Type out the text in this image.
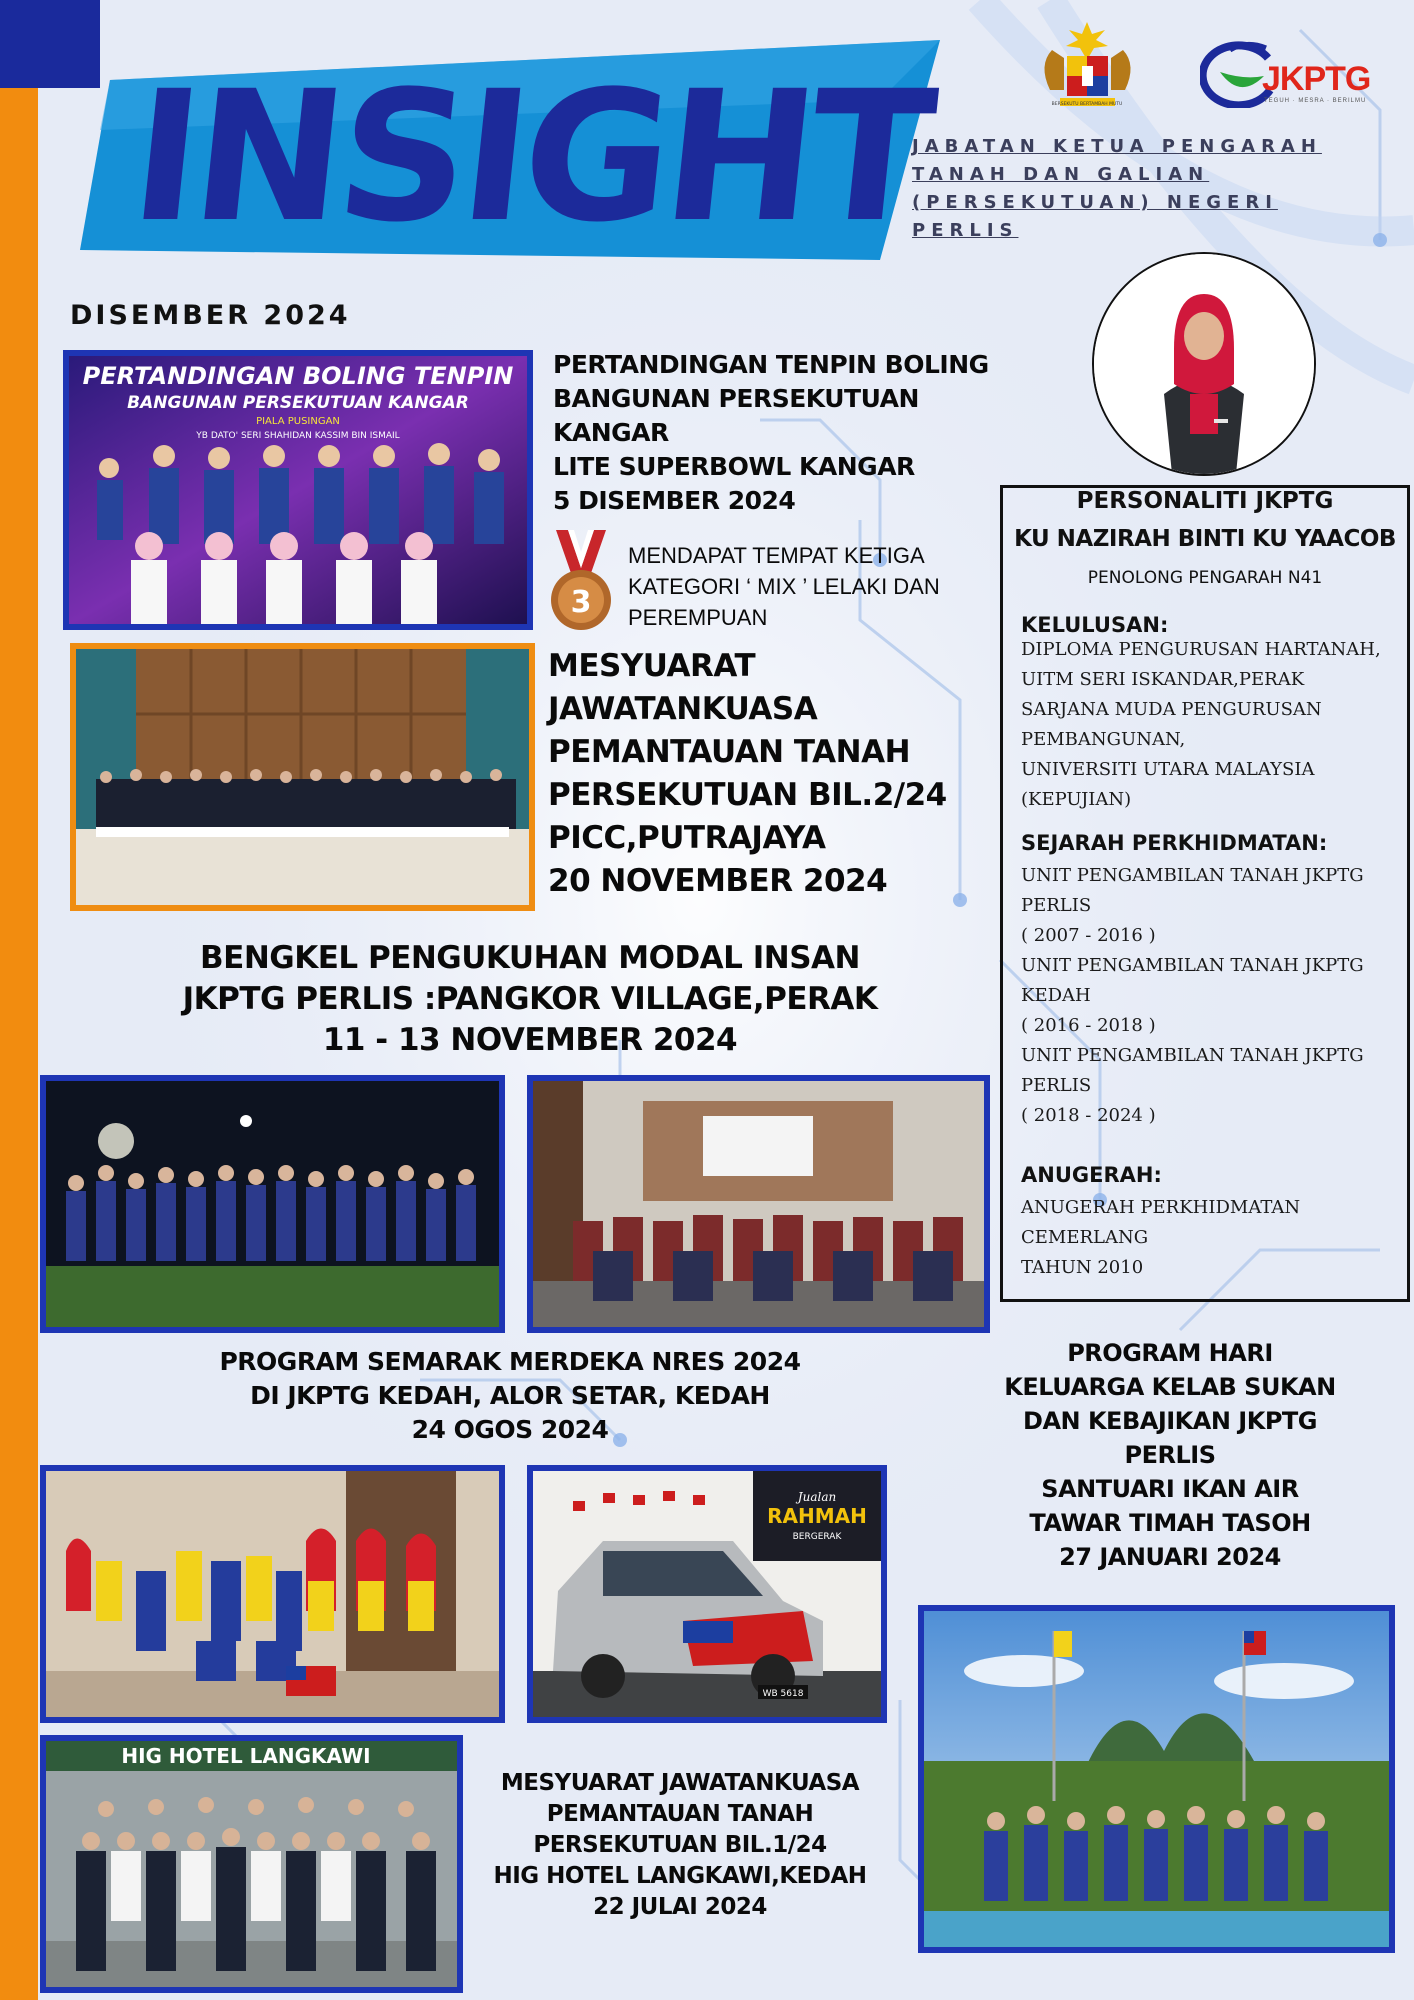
INSIGHT
JABATAN KETUA PENGARAH
TANAH DAN GALIAN
(PERSEKUTUAN) NEGERI
PERLIS
BERSEKUTU BERTAMBAH MUTU
JKPTG
TEGUH · MESRA · BERILMU
DISEMBER 2024
PERTANDINGAN BOLING TENPIN
BANGUNAN PERSEKUTUAN KANGAR
PIALA PUSINGAN
YB DATO' SERI SHAHIDAN KASSIM BIN ISMAIL
PERTANDINGAN TENPIN BOLING
BANGUNAN PERSEKUTUAN
KANGAR
LITE SUPERBOWL KANGAR
5 DISEMBER 2024
3
MENDAPAT TEMPAT KETIGA
KATEGORI ‘ MIX ’ LELAKI DAN
PEREMPUAN
MESYUARAT
JAWATANKUASA
PEMANTAUAN TANAH
PERSEKUTUAN BIL.2/24
PICC,PUTRAJAYA
20 NOVEMBER 2024
BENGKEL PENGUKUHAN MODAL INSAN
JKPTG PERLIS :PANGKOR VILLAGE,PERAK
11 - 13 NOVEMBER 2024
PROGRAM SEMARAK MERDEKA NRES 2024
DI JKPTG KEDAH, ALOR SETAR, KEDAH
24 OGOS 2024
PROGRAM HARI
KELUARGA KELAB SUKAN
DAN KEBAJIKAN JKPTG
PERLIS
SANTUARI IKAN AIR
TAWAR TIMAH TASOH
27 JANUARI 2024
Jualan
RAHMAH
BERGERAK
WB 5618
HIG HOTEL LANGKAWI
MESYUARAT JAWATANKUASA
PEMANTAUAN TANAH
PERSEKUTUAN BIL.1/24
HIG HOTEL LANGKAWI,KEDAH
22 JULAI 2024
PERSONALITI JKPTG
KU NAZIRAH BINTI KU YAACOB
PENOLONG PENGARAH N41
KELULUSAN:
DIPLOMA PENGURUSAN HARTANAH,
UITM SERI ISKANDAR,PERAK
SARJANA MUDA PENGURUSAN
PEMBANGUNAN,
UNIVERSITI UTARA MALAYSIA
(KEPUJIAN)
SEJARAH PERKHIDMATAN:
UNIT PENGAMBILAN TANAH JKPTG
PERLIS
( 2007 - 2016 )
UNIT PENGAMBILAN TANAH JKPTG
KEDAH
( 2016 - 2018 )
UNIT PENGAMBILAN TANAH JKPTG
PERLIS
( 2018 - 2024 )
ANUGERAH:
ANUGERAH PERKHIDMATAN
CEMERLANG
TAHUN 2010
